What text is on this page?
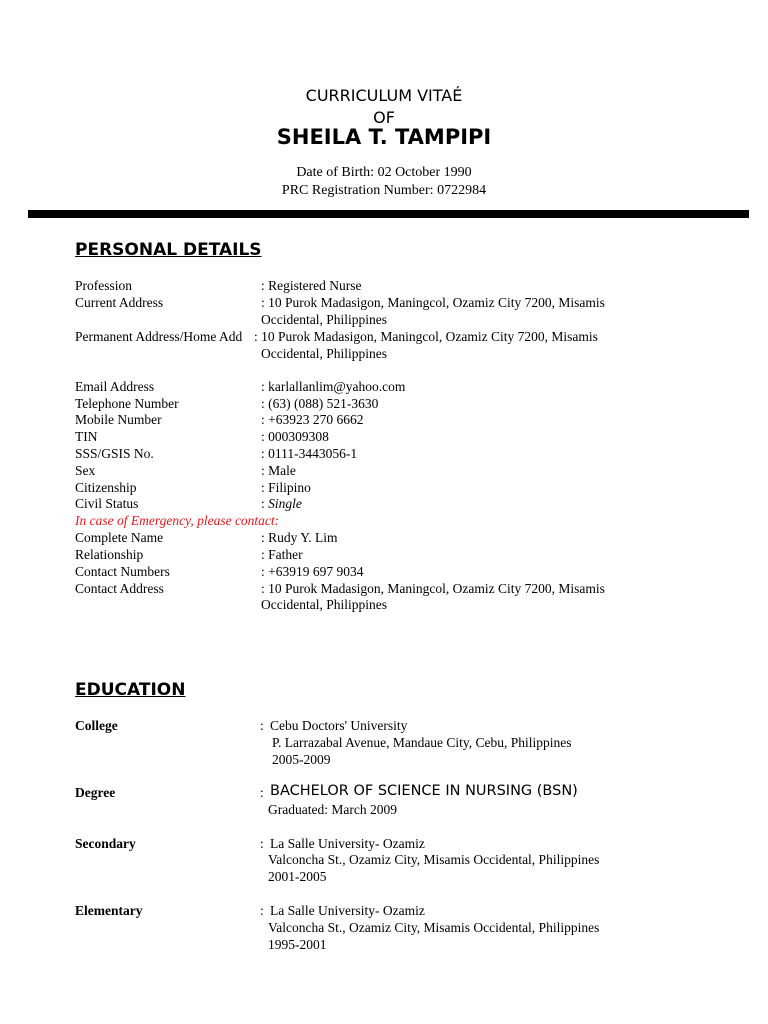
CURRICULUM VITAÉ
OF
SHEILA T. TAMPIPI
Date of Birth: 02 October 1990
PRC Registration Number: 0722984
PERSONAL DETAILS
Profession	: Registered Nurse
Current Address	: 10 Purok Madasigon, Maningcol, Ozamiz City 7200, Misamis
Occidental, Philippines
Permanent Address/Home Add : 10 Purok Madasigon, Maningcol, Ozamiz City 7200, Misamis
Occidental, Philippines
Email Address	: karlallanlim@yahoo.com
Telephone Number	: (63) (088) 521-3630
Mobile Number	: +63923 270 6662
TIN	: 000309308
SSS/GSIS No.	: 0111-3443056-1
Sex	: Male
Citizenship	: Filipino
Civil Status	: Single
In case of Emergency, please contact:
Complete Name	: Rudy Y. Lim
Relationship	: Father
Contact Numbers	: +63919 697 9034
Contact Address	: 10 Purok Madasigon, Maningcol, Ozamiz City 7200, Misamis
Occidental, Philippines
EDUCATION
College	: Cebu Doctors' University
P. Larrazabal Avenue, Mandaue City, Cebu, Philippines
2005-2009
Degree	: BACHELOR OF SCIENCE IN NURSING (BSN)
Graduated: March 2009
Secondary	: La Salle University- Ozamiz
Valconcha St., Ozamiz City, Misamis Occidental, Philippines
2001-2005
Elementary	: La Salle University- Ozamiz
Valconcha St., Ozamiz City, Misamis Occidental, Philippines
1995-2001
